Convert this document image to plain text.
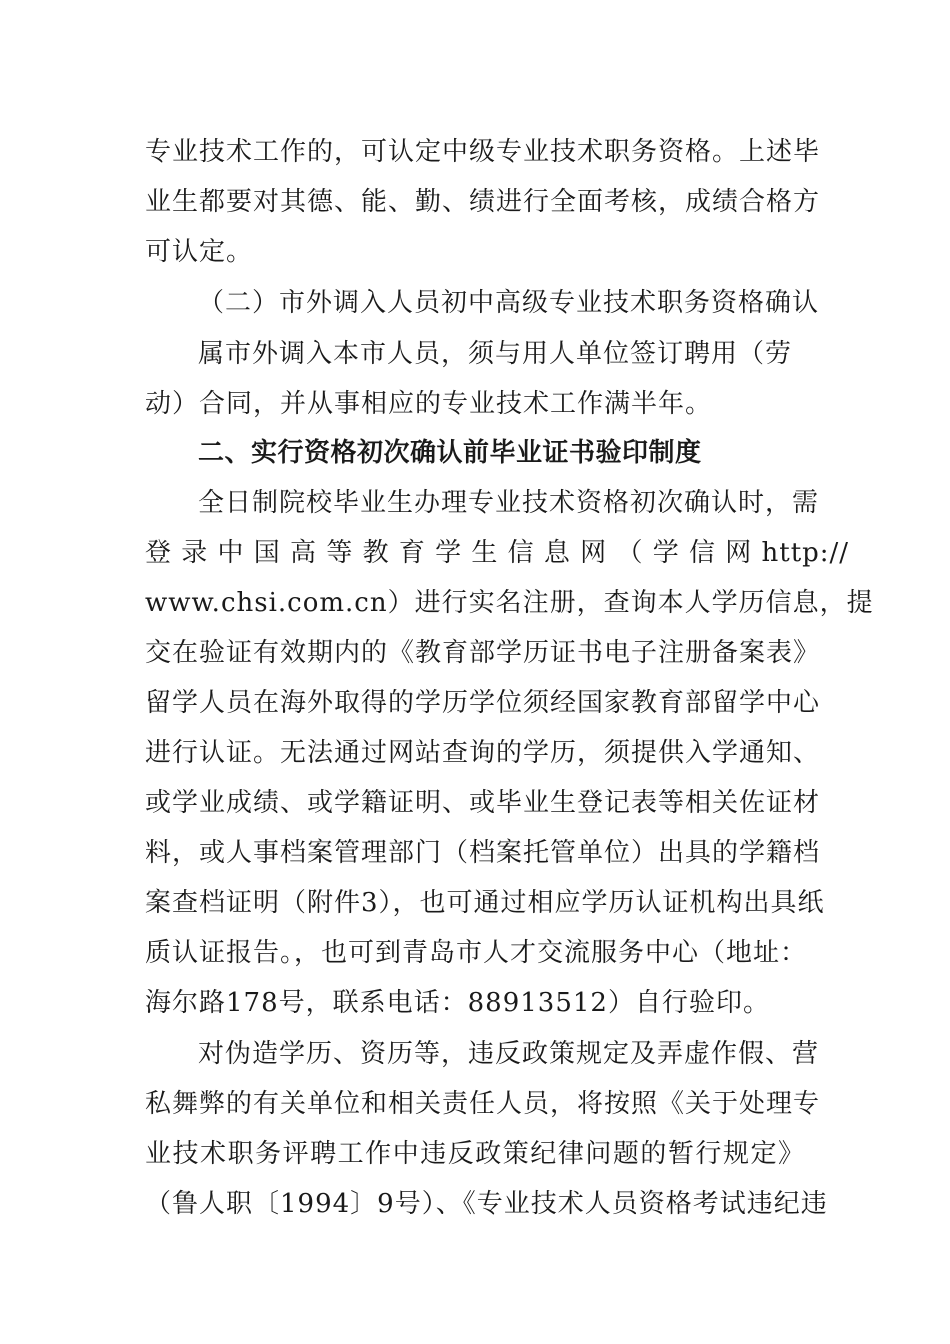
专业技术工作的，可认定中级专业技术职务资格。上述毕
业生都要对其德、能、勤、绩进行全面考核，成绩合格方
可认定。
（二）市外调入人员初中高级专业技术职务资格确认
属市外调入本市人员，须与用人单位签订聘用（劳
动）合同，并从事相应的专业技术工作满半年。
二、实行资格初次确认前毕业证书验印制度
全日制院校毕业生办理专业技术资格初次确认时，需
登 录 中 国 高 等 教 育 学 生 信 息 网 （ 学 信 网 http://
www.chsi.com.cn）进行实名注册，查询本人学历信息，提
交在验证有效期内的《教育部学历证书电子注册备案表》
留学人员在海外取得的学历学位须经国家教育部留学中心
进行认证。无法通过网站查询的学历，须提供入学通知、
或学业成绩、或学籍证明、或毕业生登记表等相关佐证材
料，或人事档案管理部门（档案托管单位）出具的学籍档
案查档证明（附件3），也可通过相应学历认证机构出具纸
质认证报告。，也可到青岛市人才交流服务中心（地址：
海尔路178号，联系电话：88913512）自行验印。
对伪造学历、资历等，违反政策规定及弄虚作假、营
私舞弊的有关单位和相关责任人员，将按照《关于处理专
业技术职务评聘工作中违反政策纪律问题的暂行规定》
（鲁人职〔1994〕9号）、《专业技术人员资格考试违纪违
